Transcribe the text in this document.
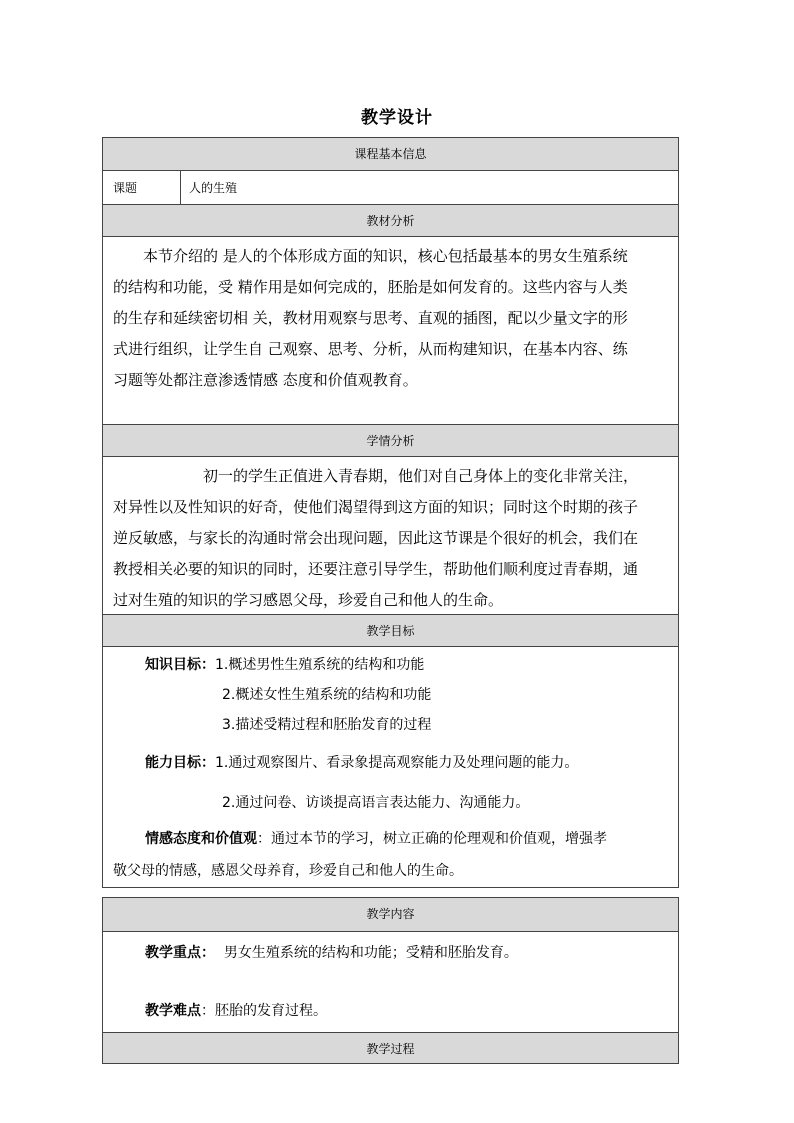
教学设计
课程基本信息
课题	人的生殖
教材分析
本节介绍的 是人的个体形成方面的知识，核心包括最基本的男女生殖系统
的结构和功能，受 精作用是如何完成的，胚胎是如何发育的。这些内容与人类
的生存和延续密切相 关，教材用观察与思考、直观的插图，配以少量文字的形
式进行组织，让学生自 己观察、思考、分析，从而构建知识，在基本内容、练
习题等处都注意渗透情感 态度和价值观教育。
学情分析
初一的学生正值进入青春期，他们对自己身体上的变化非常关注，
对异性以及性知识的好奇，使他们渴望得到这方面的知识；同时这个时期的孩子
逆反敏感，与家长的沟通时常会出现问题，因此这节课是个很好的机会，我们在
教授相关必要的知识的同时，还要注意引导学生，帮助他们顺利度过青春期，通
过对生殖的知识的学习感恩父母，珍爱自己和他人的生命。
教学目标
知识目标：1.概述男性生殖系统的结构和功能
2.概述女性生殖系统的结构和功能
3.描述受精过程和胚胎发育的过程
能力目标：1.通过观察图片、看录象提高观察能力及处理问题的能力。
2.通过问卷、访谈提高语言表达能力、沟通能力。
情感态度和价值观：通过本节的学习，树立正确的伦理观和价值观，增强孝
敬父母的情感，感恩父母养育，珍爱自己和他人的生命。
教学内容
教学重点： 男女生殖系统的结构和功能；受精和胚胎发育。
教学难点：胚胎的发育过程。
教学过程
